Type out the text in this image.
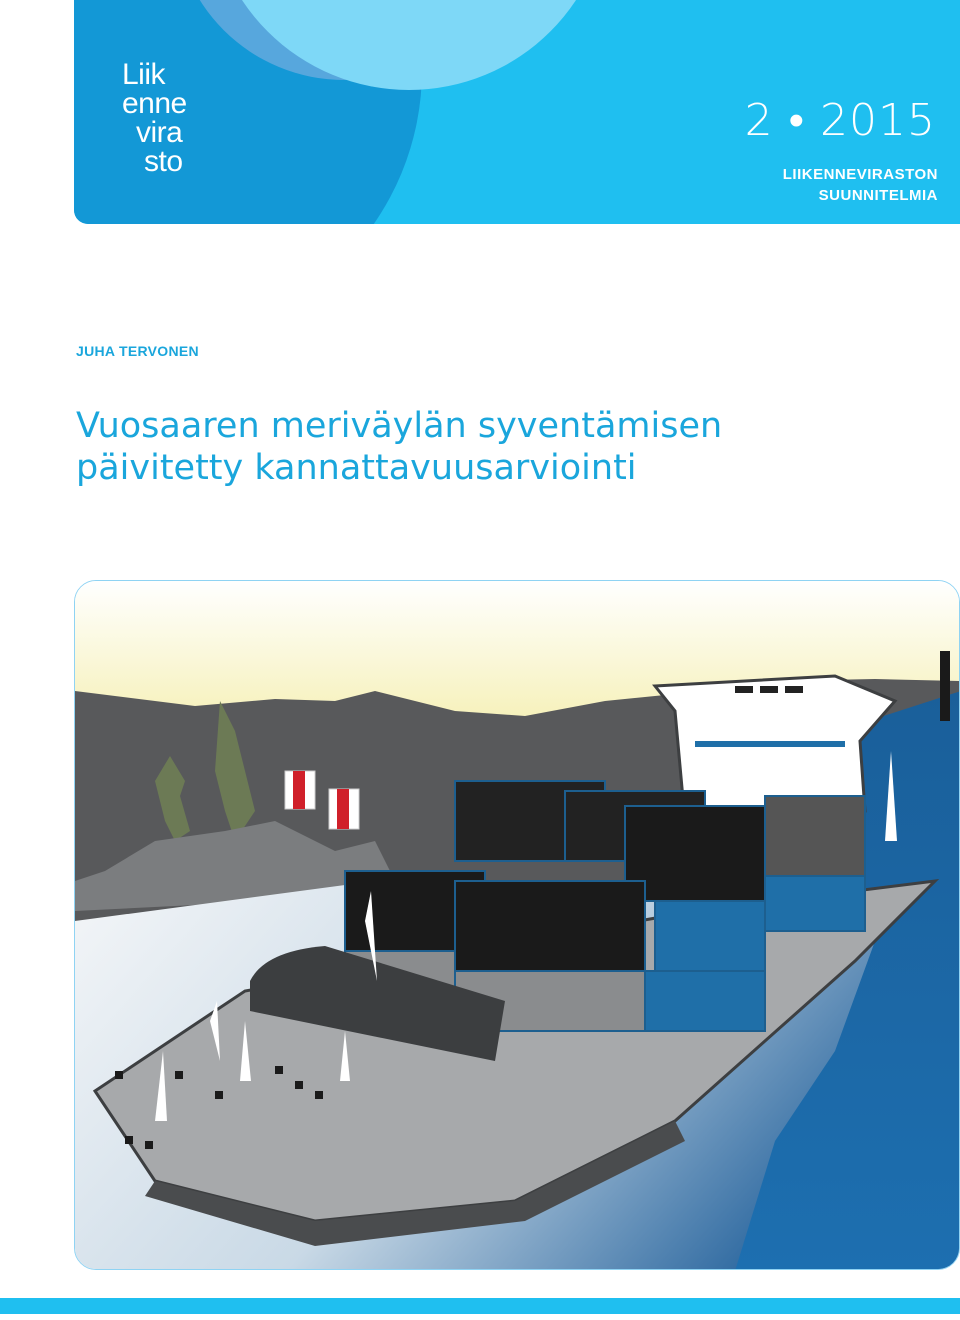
Liik
enne
vira
sto
2 • 2015
LIIKENNEVIRASTON
SUUNNITELMIA
JUHA TERVONEN
Vuosaaren meriväylän syventämisen
päivitetty kannattavuusarviointi
